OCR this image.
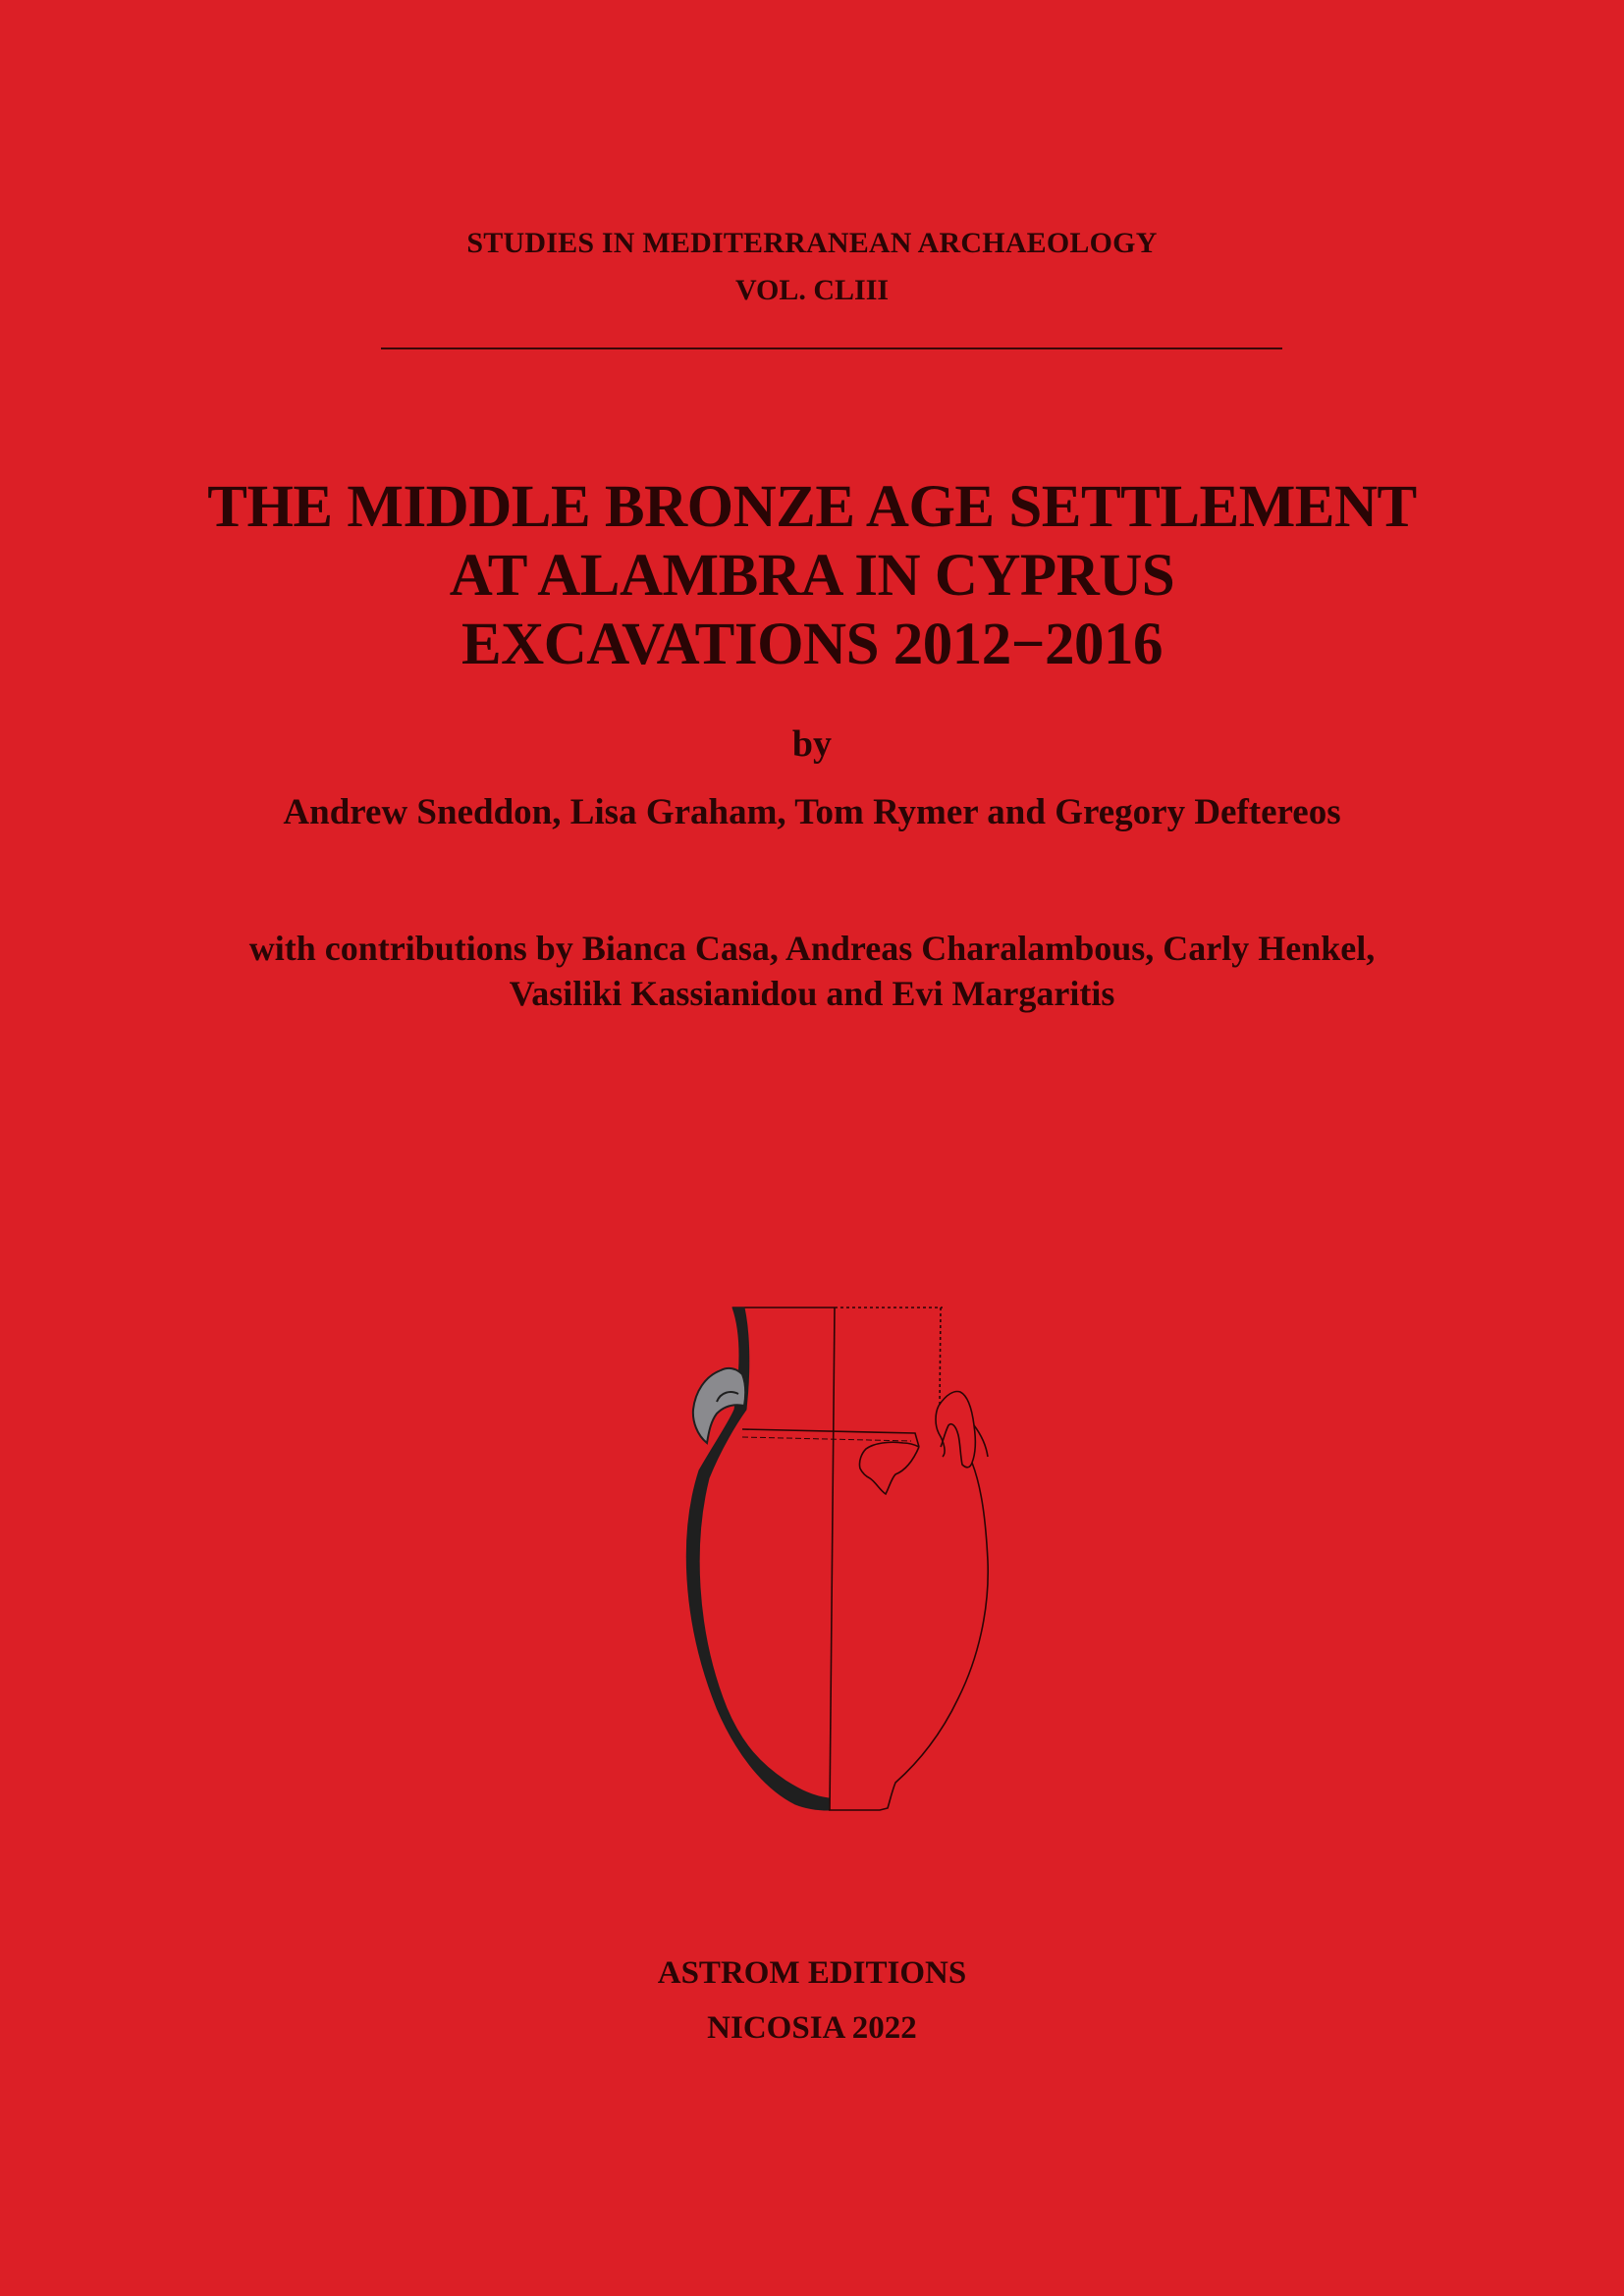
STUDIES IN MEDITERRANEAN ARCHAEOLOGY
VOL. CLIII
THE MIDDLE BRONZE AGE SETTLEMENT
AT ALAMBRA IN CYPRUS
EXCAVATIONS 2012−2016
by
Andrew Sneddon, Lisa Graham, Tom Rymer and Gregory Deftereos
with contributions by Bianca Casa, Andreas Charalambous, Carly Henkel,
Vasiliki Kassianidou and Evi Margaritis
ASTROM EDITIONS
NICOSIA 2022
